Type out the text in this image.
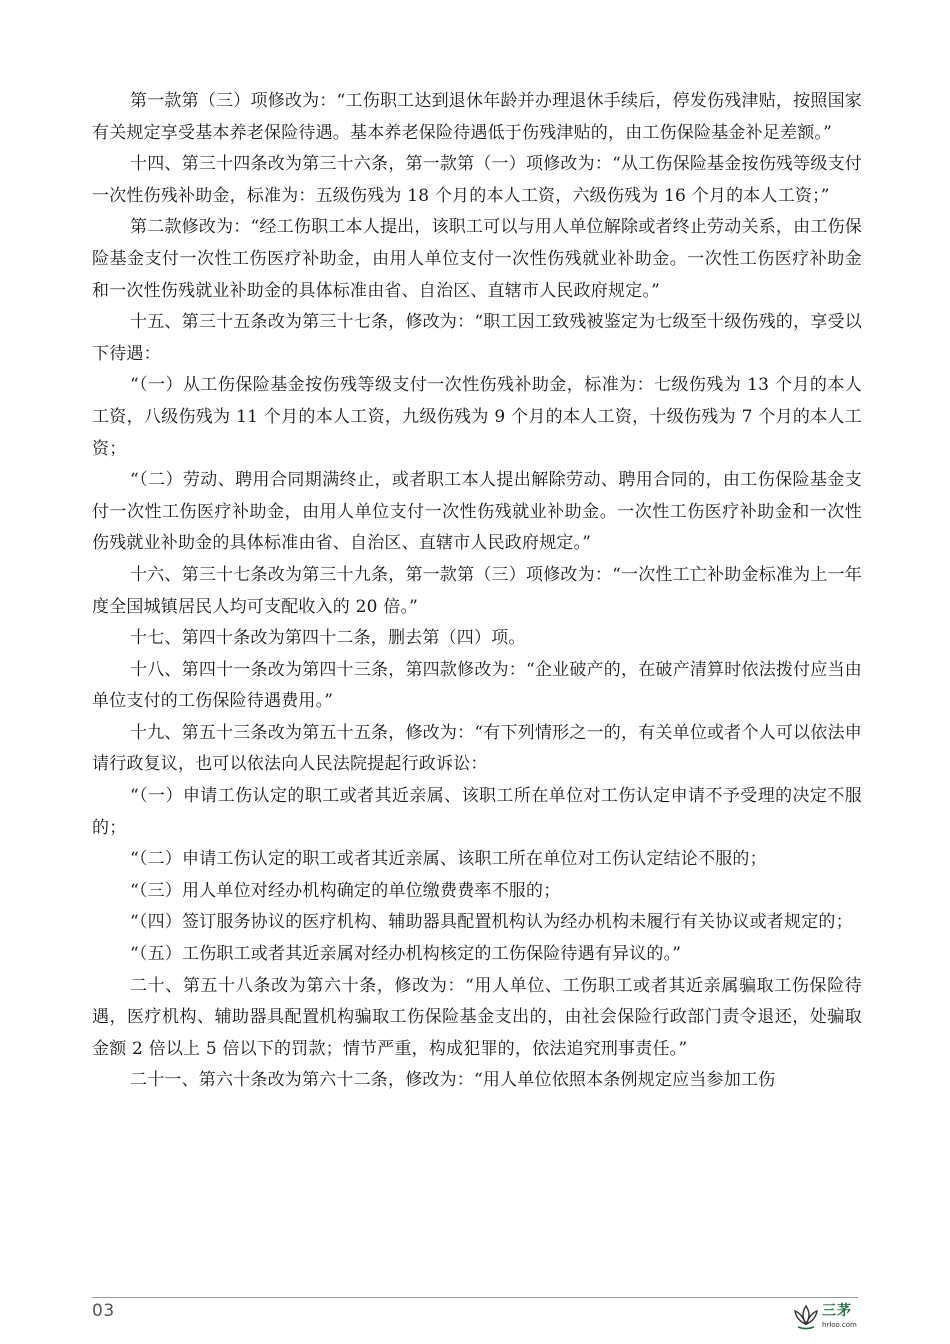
第一款第（三）项修改为：“工伤职工达到退休年龄并办理退休手续后，停发伤残津贴，按照国家有关规定享受基本养老保险待遇。基本养老保险待遇低于伤残津贴的，由工伤保险基金补足差额。”

十四、第三十四条改为第三十六条，第一款第（一）项修改为：“从工伤保险基金按伤残等级支付一次性伤残补助金，标准为：五级伤残为 18 个月的本人工资，六级伤残为 16 个月的本人工资；”

第二款修改为：“经工伤职工本人提出，该职工可以与用人单位解除或者终止劳动关系，由工伤保险基金支付一次性工伤医疗补助金，由用人单位支付一次性伤残就业补助金。一次性工伤医疗补助金和一次性伤残就业补助金的具体标准由省、自治区、直辖市人民政府规定。”

十五、第三十五条改为第三十七条，修改为：“职工因工致残被鉴定为七级至十级伤残的，享受以下待遇：

“（一）从工伤保险基金按伤残等级支付一次性伤残补助金，标准为：七级伤残为 13 个月的本人工资，八级伤残为 11 个月的本人工资，九级伤残为 9 个月的本人工资，十级伤残为 7 个月的本人工资；

“（二）劳动、聘用合同期满终止，或者职工本人提出解除劳动、聘用合同的，由工伤保险基金支付一次性工伤医疗补助金，由用人单位支付一次性伤残就业补助金。一次性工伤医疗补助金和一次性伤残就业补助金的具体标准由省、自治区、直辖市人民政府规定。”

十六、第三十七条改为第三十九条，第一款第（三）项修改为：“一次性工亡补助金标准为上一年度全国城镇居民人均可支配收入的 20 倍。”

十七、第四十条改为第四十二条，删去第（四）项。

十八、第四十一条改为第四十三条，第四款修改为：“企业破产的，在破产清算时依法拨付应当由单位支付的工伤保险待遇费用。”

十九、第五十三条改为第五十五条，修改为：“有下列情形之一的，有关单位或者个人可以依法申请行政复议，也可以依法向人民法院提起行政诉讼：

“（一）申请工伤认定的职工或者其近亲属、该职工所在单位对工伤认定申请不予受理的决定不服的；

“（二）申请工伤认定的职工或者其近亲属、该职工所在单位对工伤认定结论不服的；

“（三）用人单位对经办机构确定的单位缴费费率不服的；

“（四）签订服务协议的医疗机构、辅助器具配置机构认为经办机构未履行有关协议或者规定的；

“（五）工伤职工或者其近亲属对经办机构核定的工伤保险待遇有异议的。”

二十、第五十八条改为第六十条，修改为：“用人单位、工伤职工或者其近亲属骗取工伤保险待遇，医疗机构、辅助器具配置机构骗取工伤保险基金支出的，由社会保险行政部门责令退还，处骗取金额 2 倍以上 5 倍以下的罚款；情节严重，构成犯罪的，依法追究刑事责任。”

二十一、第六十条改为第六十二条，修改为：“用人单位依照本条例规定应当参加工伤

03	三茅
hrloo.com
